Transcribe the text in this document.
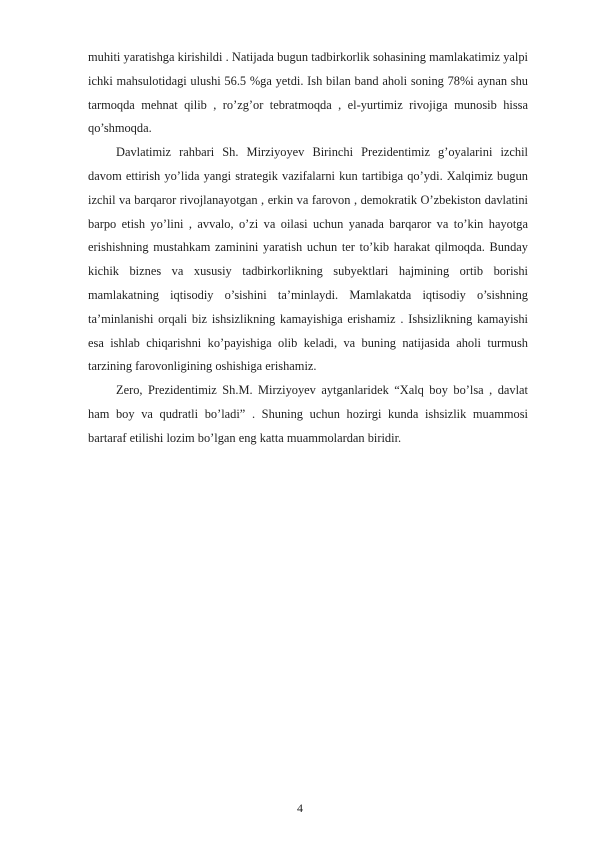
muhiti yaratishga kirishildi . Natijada bugun tadbirkorlik sohasining mamlakatimiz yalpi ichki mahsulotidagi ulushi 56.5 %ga yetdi. Ish bilan band aholi soning 78%i aynan shu tarmoqda mehnat qilib , ro’zg’or tebratmoqda , el-yurtimiz rivojiga munosib hissa qo’shmoqda.

Davlatimiz rahbari Sh. Mirziyoyev Birinchi Prezidentimiz g’oyalarini izchil davom ettirish yo’lida yangi strategik vazifalarni kun tartibiga qo’ydi. Xalqimiz bugun izchil va barqaror rivojlanayotgan , erkin va farovon , demokratik O’zbekiston davlatini barpo etish yo’lini , avvalo, o’zi va oilasi uchun yanada barqaror va to’kin hayotga erishishning mustahkam zaminini yaratish uchun ter to’kib harakat qilmoqda. Bunday kichik biznes va xususiy tadbirkorlikning subyektlari hajmining ortib borishi mamlakatning iqtisodiy o’sishini ta’minlaydi. Mamlakatda iqtisodiy o’sishning ta’minlanishi orqali biz ishsizlikning kamayishiga erishamiz . Ishsizlikning kamayishi esa ishlab chiqarishni ko’payishiga olib keladi, va buning natijasida aholi turmush tarzining farovonligining oshishiga erishamiz.

Zero, Prezidentimiz Sh.M. Mirziyoyev aytganlaridek “Xalq boy bo’lsa , davlat ham boy va qudratli bo’ladi” . Shuning uchun hozirgi kunda ishsizlik muammosi bartaraf etilishi lozim bo’lgan eng katta muammolardan biridir.

4
